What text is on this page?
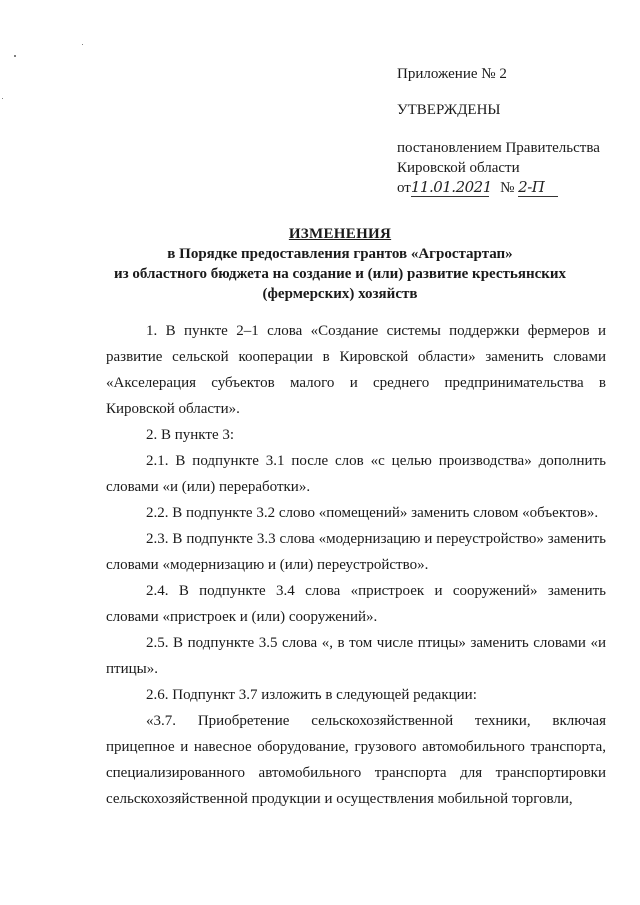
Приложение № 2
УТВЕРЖДЕНЫ
постановлением Правительства
Кировской области
от11.01.2021 № 2-П
ИЗМЕНЕНИЯ
в Порядке предоставления грантов «Агростартап»
из областного бюджета на создание и (или) развитие крестьянских
(фермерских) хозяйств

1. В пункте 2–1 слова «Создание системы поддержки фермеров и развитие сельской кооперации в Кировской области» заменить словами «Акселерация субъектов малого и среднего предпринимательства в Кировской области».

2. В пункте 3:

2.1. В подпункте 3.1 после слов «с целью производства» дополнить словами «и (или) переработки».

2.2. В подпункте 3.2 слово «помещений» заменить словом «объектов».

2.3. В подпункте 3.3 слова «модернизацию и переустройство» заменить словами «модернизацию и (или) переустройство».

2.4. В подпункте 3.4 слова «пристроек и сооружений» заменить словами «пристроек и (или) сооружений».

2.5. В подпункте 3.5 слова «, в том числе птицы» заменить словами «и птицы».

2.6. Подпункт 3.7 изложить в следующей редакции:

«3.7. Приобретение сельскохозяйственной техники, включая прицепное и навесное оборудование, грузового автомобильного транспорта, специализированного автомобильного транспорта для транспортировки сельскохозяйственной продукции и осуществления мобильной торговли,
